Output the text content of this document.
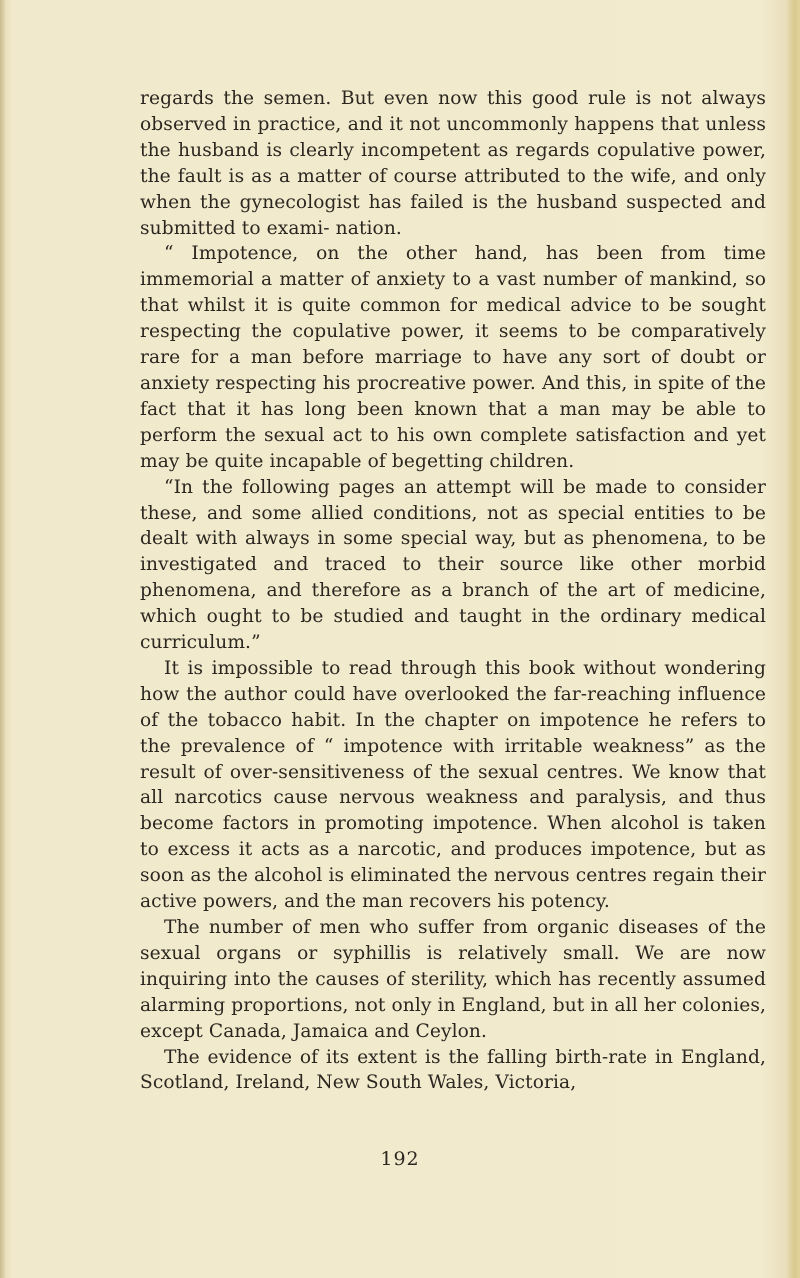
regards the semen. But even now this good rule is not always observed in practice, and it not uncommonly happens that unless the husband is clearly incompetent as regards copulative power, the fault is as a matter of course attributed to the wife, and only when the gynecologist has failed is the husband suspected and submitted to exami- nation.

“ Impotence, on the other hand, has been from time immemorial a matter of anxiety to a vast number of mankind, so that whilst it is quite common for medical advice to be sought respecting the copulative power, it seems to be comparatively rare for a man before marriage to have any sort of doubt or anxiety respecting his procreative power. And this, in spite of the fact that it has long been known that a man may be able to perform the sexual act to his own complete satisfaction and yet may be quite incapable of begetting children.

“In the following pages an attempt will be made to consider these, and some allied conditions, not as special entities to be dealt with always in some special way, but as phenomena, to be investigated and traced to their source like other morbid phenomena, and therefore as a branch of the art of medicine, which ought to be studied and taught in the ordinary medical curriculum.”

It is impossible to read through this book without wondering how the author could have overlooked the far-reaching influence of the tobacco habit. In the chapter on impotence he refers to the prevalence of “ impotence with irritable weakness” as the result of over-sensitiveness of the sexual centres. We know that all narcotics cause nervous weakness and paralysis, and thus become factors in promoting impotence. When alcohol is taken to excess it acts as a narcotic, and produces impotence, but as soon as the alcohol is eliminated the nervous centres regain their active powers, and the man recovers his potency.

The number of men who suffer from organic diseases of the sexual organs or syphillis is relatively small. We are now inquiring into the causes of sterility, which has recently assumed alarming proportions, not only in England, but in all her colonies, except Canada, Jamaica and Ceylon.

The evidence of its extent is the falling birth-rate in England, Scotland, Ireland, New South Wales, Victoria,

192
